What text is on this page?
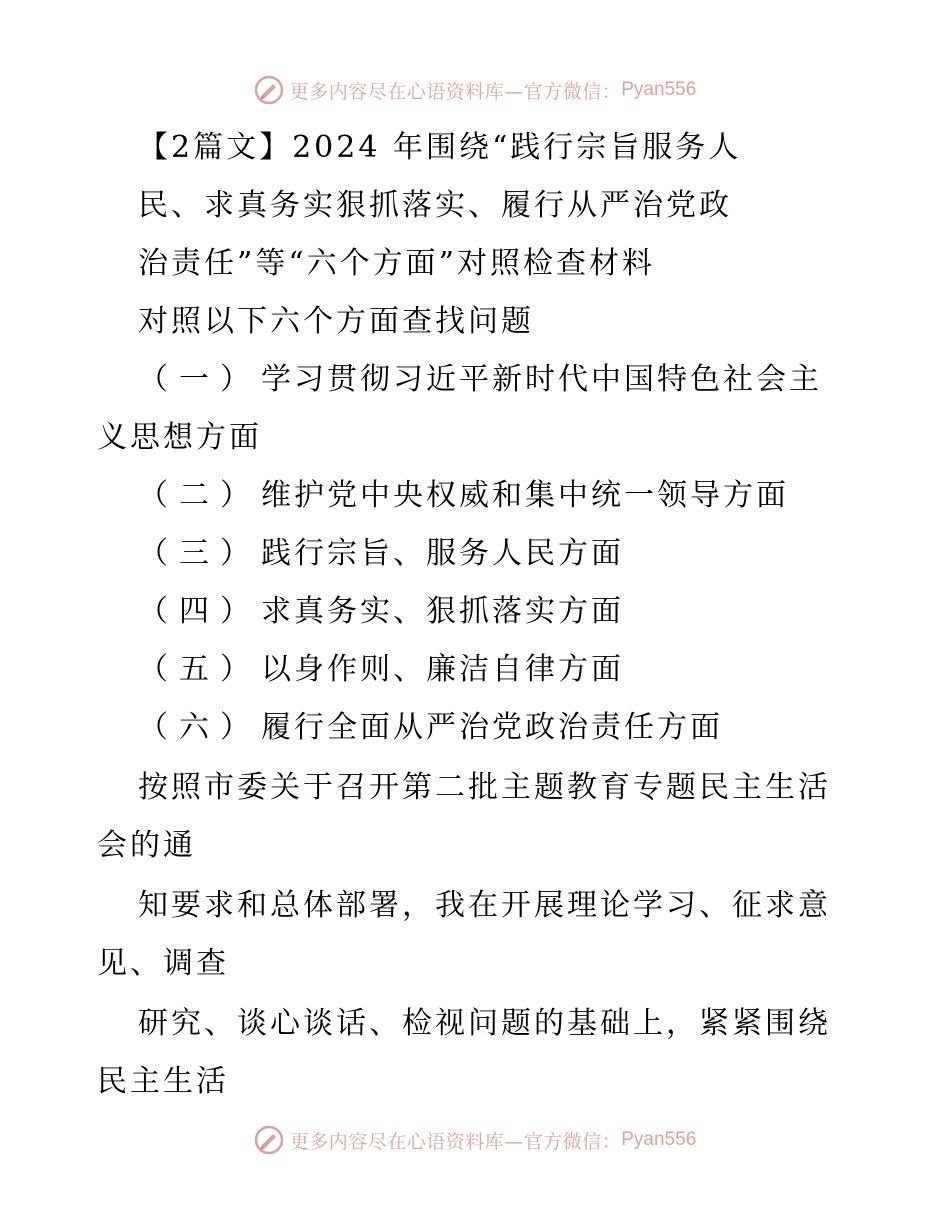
更多内容尽在心语资料库—官方微信： Pyan556
【2篇文】2024 年围绕“践行宗旨服务人
民、求真务实狠抓落实、履行从严治党政
治责任”等“六个方面”对照检查材料
对照以下六个方面查找问题
（一）学习贯彻习近平新时代中国特色社会主
义思想方面
（二）维护党中央权威和集中统一领导方面
（三）践行宗旨、服务人民方面
（四）求真务实、狠抓落实方面
（五）以身作则、廉洁自律方面
（六）履行全面从严治党政治责任方面
按照市委关于召开第二批主题教育专题民主生活
会的通
知要求和总体部署，我在开展理论学习、征求意
见、调查
研究、谈心谈话、检视问题的基础上，紧紧围绕
民主生活
更多内容尽在心语资料库—官方微信： Pyan556
